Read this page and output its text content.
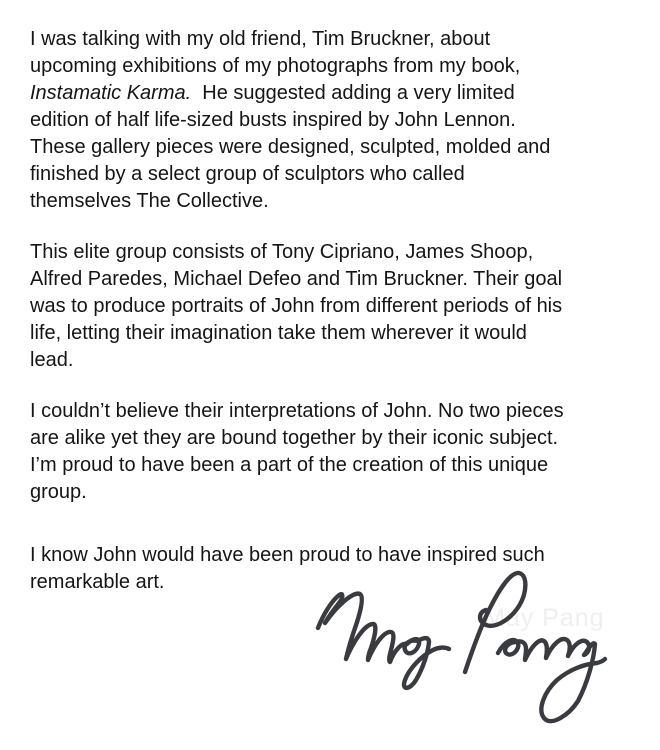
I was talking with my old friend, Tim Bruckner, about
upcoming exhibitions of my photographs from my book,
Instamatic Karma.  He suggested adding a very limited
edition of half life-sized busts inspired by John Lennon.
These gallery pieces were designed, sculpted, molded and
finished by a select group of sculptors who called
themselves The Collective.

This elite group consists of Tony Cipriano, James Shoop,
Alfred Paredes, Michael Defeo and Tim Bruckner. Their goal
was to produce portraits of John from different periods of his
life, letting their imagination take them wherever it would
lead.

I couldn’t believe their interpretations of John. No two pieces
are alike yet they are bound together by their iconic subject.
I’m proud to have been a part of the creation of this unique
group.

I know John would have been proud to have inspired such
remarkable art.

May Pang
